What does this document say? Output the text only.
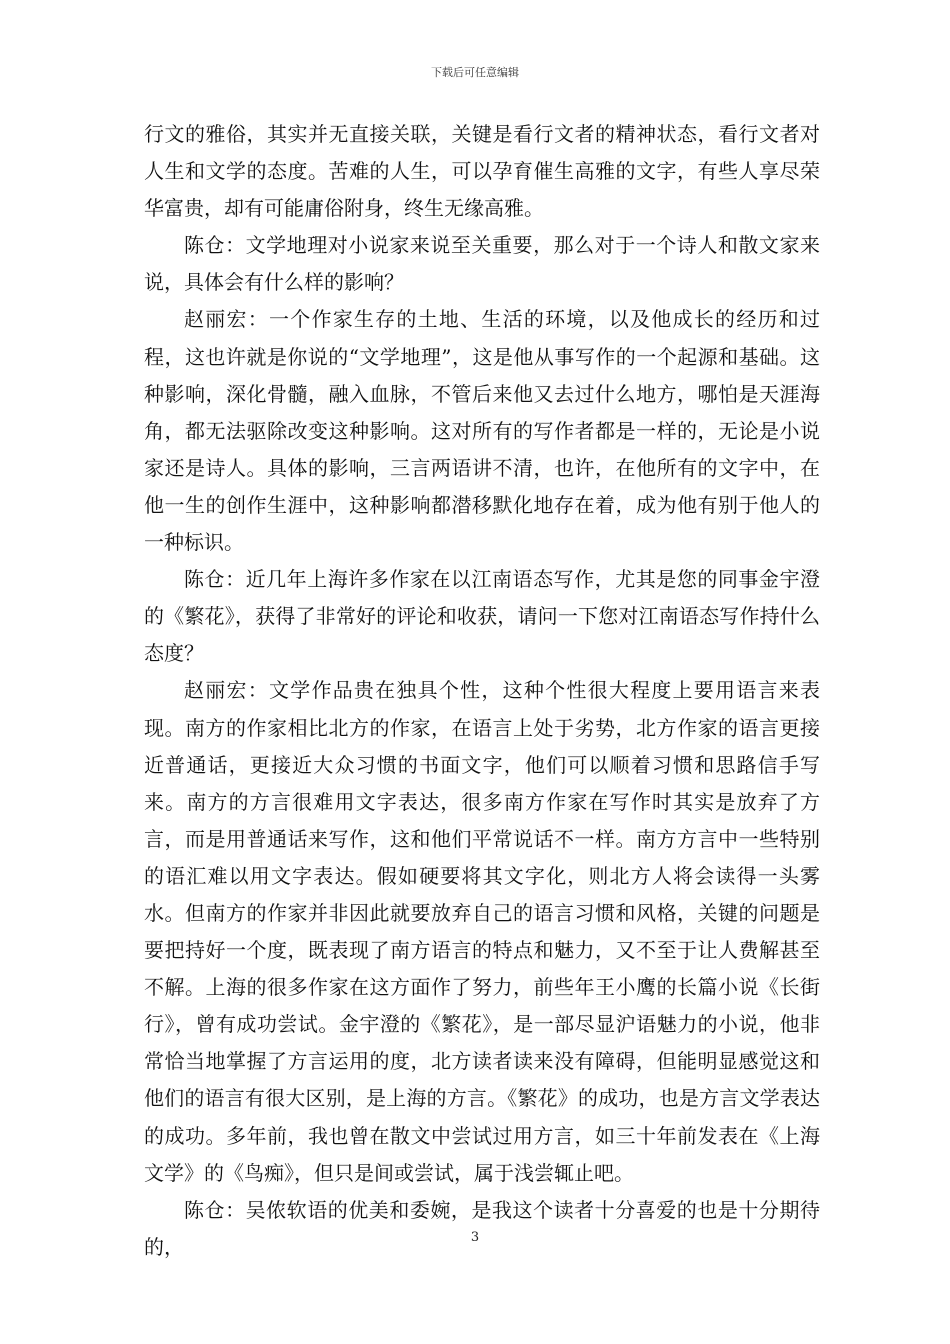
下载后可任意编辑

行文的雅俗，其实并无直接关联，关键是看行文者的精神状态，看行文者对人生和文学的态度。苦难的人生，可以孕育催生高雅的文字，有些人享尽荣华富贵，却有可能庸俗附身，终生无缘高雅。

陈仓：文学地理对小说家来说至关重要，那么对于一个诗人和散文家来说，具体会有什么样的影响？

赵丽宏：一个作家生存的土地、生活的环境，以及他成长的经历和过程，这也许就是你说的“文学地理”，这是他从事写作的一个起源和基础。这种影响，深化骨髓，融入血脉，不管后来他又去过什么地方，哪怕是天涯海角，都无法驱除改变这种影响。这对所有的写作者都是一样的，无论是小说家还是诗人。具体的影响，三言两语讲不清，也许，在他所有的文字中，在他一生的创作生涯中，这种影响都潜移默化地存在着，成为他有别于他人的一种标识。

陈仓：近几年上海许多作家在以江南语态写作，尤其是您的同事金宇澄的《繁花》，获得了非常好的评论和收获，请问一下您对江南语态写作持什么态度？

赵丽宏：文学作品贵在独具个性，这种个性很大程度上要用语言来表现。南方的作家相比北方的作家，在语言上处于劣势，北方作家的语言更接近普通话，更接近大众习惯的书面文字，他们可以顺着习惯和思路信手写来。南方的方言很难用文字表达，很多南方作家在写作时其实是放弃了方言，而是用普通话来写作，这和他们平常说话不一样。南方方言中一些特别的语汇难以用文字表达。假如硬要将其文字化，则北方人将会读得一头雾水。但南方的作家并非因此就要放弃自己的语言习惯和风格，关键的问题是要把持好一个度，既表现了南方语言的特点和魅力，又不至于让人费解甚至不解。上海的很多作家在这方面作了努力，前些年王小鹰的长篇小说《长街行》，曾有成功尝试。金宇澄的《繁花》，是一部尽显沪语魅力的小说，他非常恰当地掌握了方言运用的度，北方读者读来没有障碍，但能明显感觉这和他们的语言有很大区别，是上海的方言。《繁花》的成功，也是方言文学表达的成功。多年前，我也曾在散文中尝试过用方言，如三十年前发表在《上海文学》的《鸟痴》，但只是间或尝试，属于浅尝辄止吧。

陈仓：吴侬软语的优美和委婉，是我这个读者十分喜爱的也是十分期待的，	3
